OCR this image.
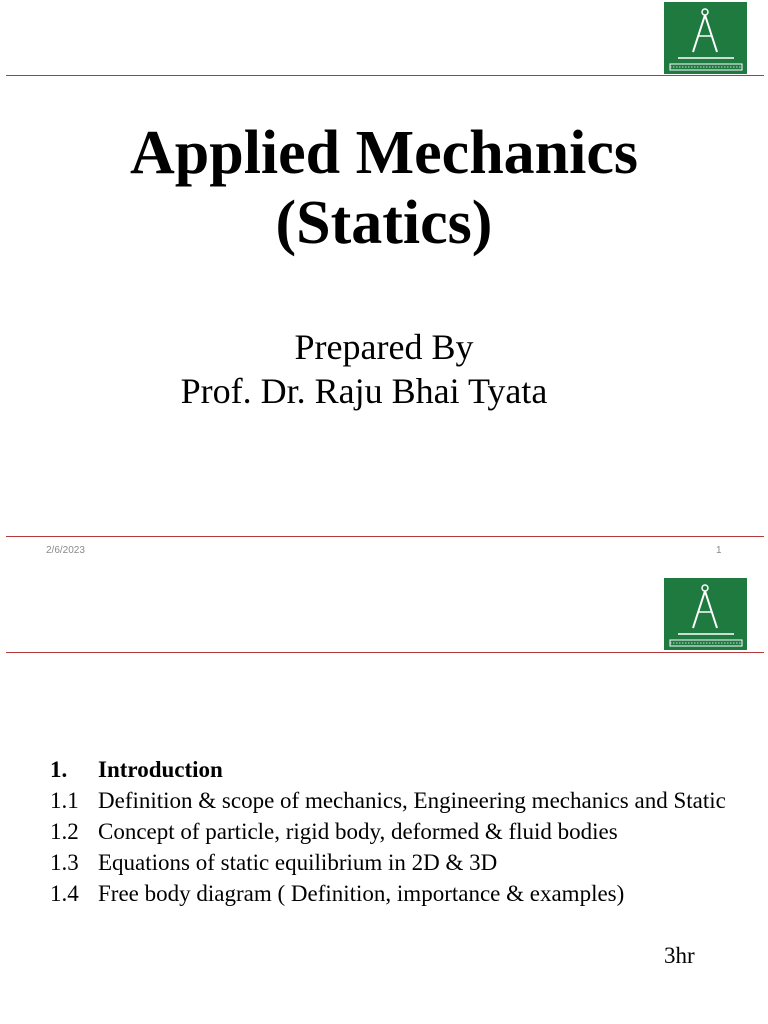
Applied Mechanics
(Statics)
Prepared By
Prof. Dr. Raju Bhai Tyata
2/6/2023	1
1.	Introduction
1.1 Definition & scope of mechanics, Engineering mechanics and Static
1.2 Concept of particle, rigid body, deformed & fluid bodies
1.3 Equations of static equilibrium in 2D & 3D
1.4 Free body diagram ( Definition, importance & examples)
3hr
